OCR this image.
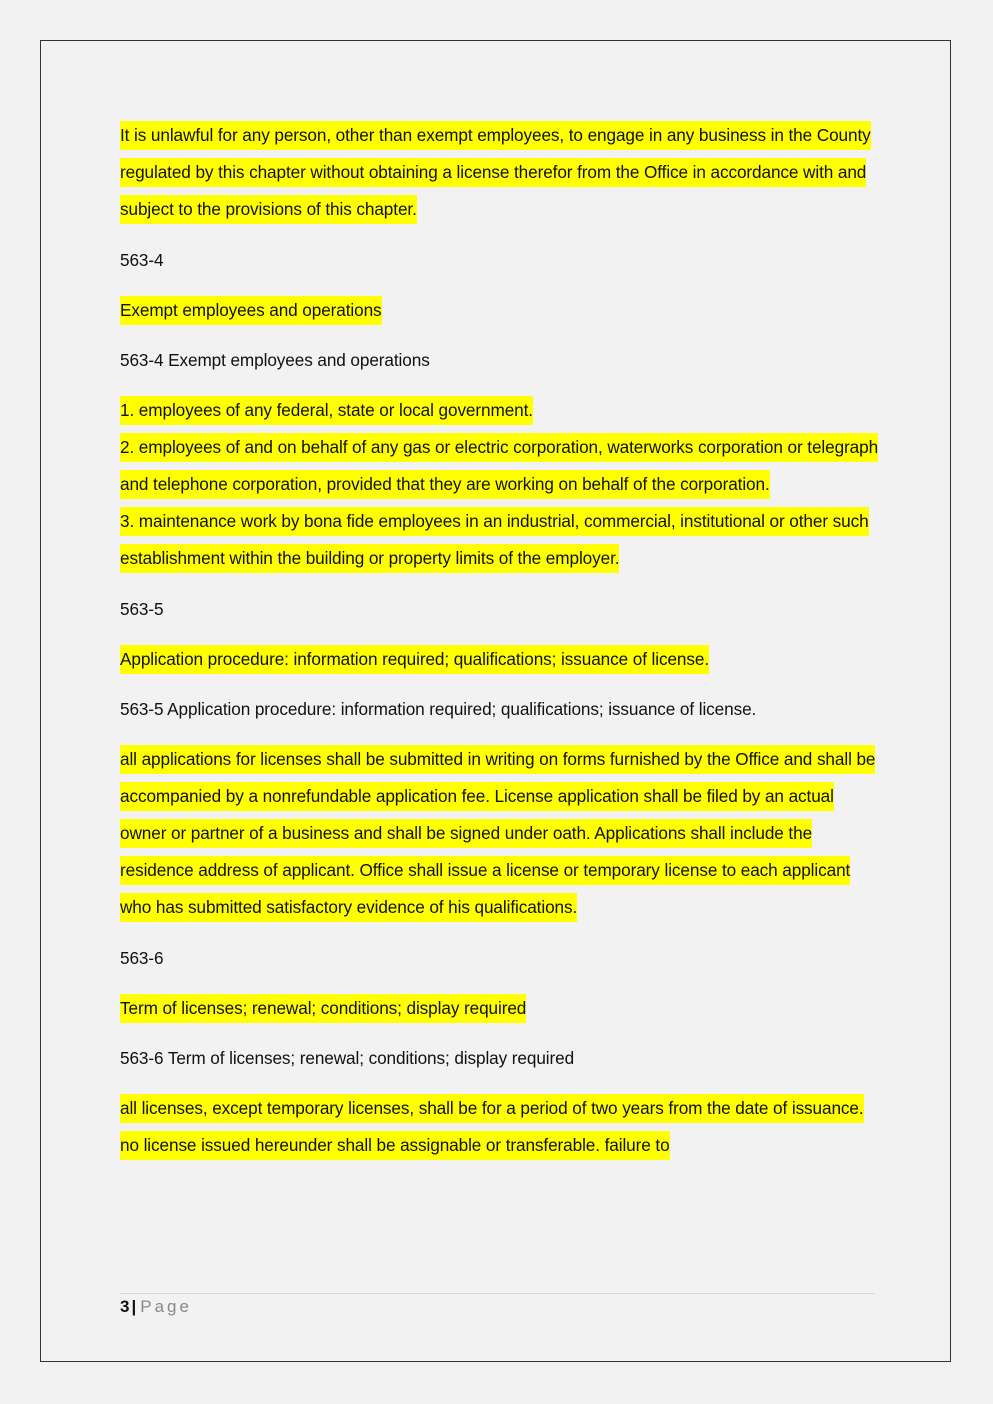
It is unlawful for any person, other than exempt employees, to engage in any business in the County regulated by this chapter without obtaining a license therefor from the Office in accordance with and subject to the provisions of this chapter.

563-4

Exempt employees and operations

563-4 Exempt employees and operations

1. employees of any federal, state or local government.
2. employees of and on behalf of any gas or electric corporation, waterworks corporation or telegraph and telephone corporation, provided that they are working on behalf of the corporation.
3. maintenance work by bona fide employees in an industrial, commercial, institutional or other such establishment within the building or property limits of the employer.

563-5

Application procedure: information required; qualifications; issuance of license.

563-5 Application procedure: information required; qualifications; issuance of license.

all applications for licenses shall be submitted in writing on forms furnished by the Office and shall be accompanied by a nonrefundable application fee. License application shall be filed by an actual owner or partner of a business and shall be signed under oath. Applications shall include the residence address of applicant. Office shall issue a license or temporary license to each applicant who has submitted satisfactory evidence of his qualifications.

563-6

Term of licenses; renewal; conditions; display required

563-6 Term of licenses; renewal; conditions; display required

all licenses, except temporary licenses, shall be for a period of two years from the date of issuance. no license issued hereunder shall be assignable or transferable. failure to

3 | Page
